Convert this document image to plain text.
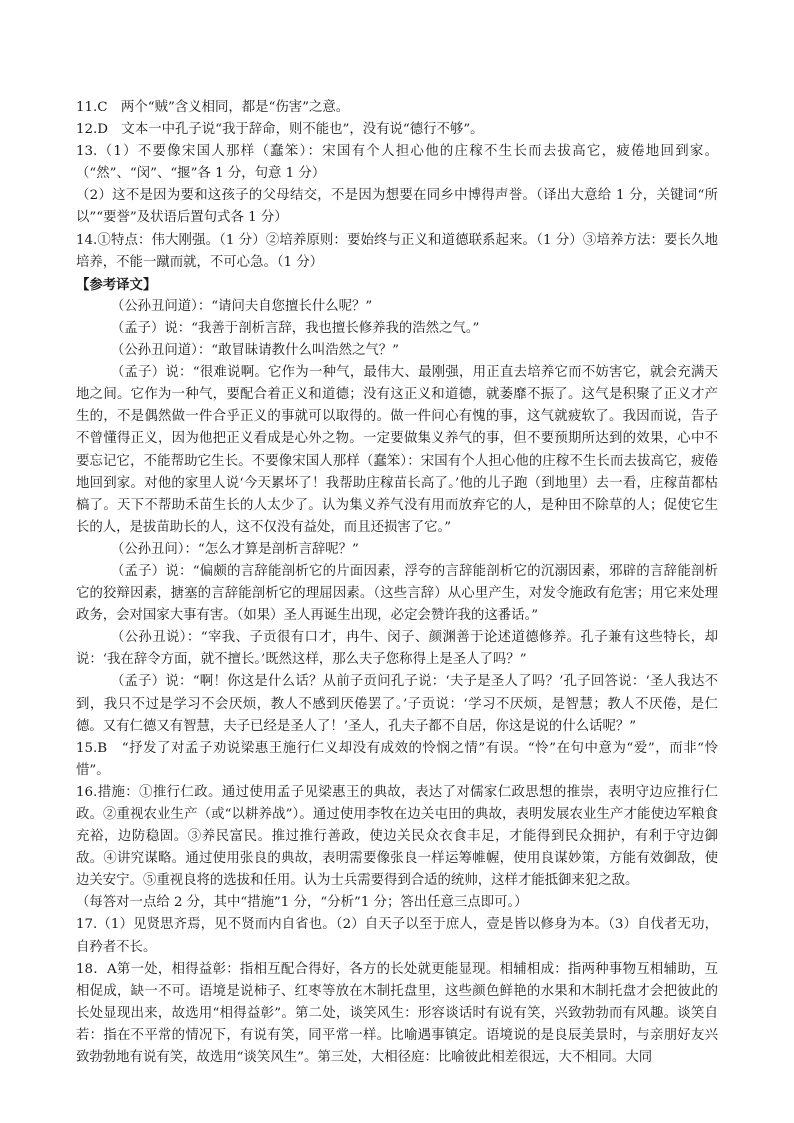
11.C　两个“贼”含义相同，都是“伤害”之意。

12.D　文本一中孔子说“我于辞命，则不能也”，没有说“德行不够”。

13.（1）不要像宋国人那样（蠢笨）：宋国有个人担心他的庄稼不生长而去拔高它，疲倦地回到家。（“然”、“闵”、“揠”各 1 分，句意 1 分）

（2）这不是因为要和这孩子的父母结交，不是因为想要在同乡中博得声誉。（译出大意给 1 分，关键词“所以”“要誉”及状语后置句式各 1 分）

14.①特点：伟大刚强。（1 分）②培养原则：要始终与正义和道德联系起来。（1 分）③培养方法：要长久地培养，不能一蹴而就，不可心急。（1 分）

【参考译文】

（公孙丑问道）：“请问夫自您擅长什么呢？”

（孟子）说：“我善于剖析言辞，我也擅长修养我的浩然之气。”

（公孙丑问道）：“敢冒昧请教什么叫浩然之气？”

（孟子）说：“很难说啊。它作为一种气，最伟大、最刚强，用正直去培养它而不妨害它，就会充满天地之间。它作为一种气，要配合着正义和道德；没有这正义和道德，就萎靡不振了。这气是积聚了正义才产生的，不是偶然做一件合乎正义的事就可以取得的。做一件问心有愧的事，这气就疲软了。我因而说，告子不曾懂得正义，因为他把正义看成是心外之物。一定要做集义养气的事，但不要预期所达到的效果，心中不要忘记它，不能帮助它生长。不要像宋国人那样（蠢笨）：宋国有个人担心他的庄稼不生长而去拔高它，疲倦地回到家。对他的家里人说‘今天累坏了！我帮助庄稼苗长高了。’他的儿子跑（到地里）去一看，庄稼苗都枯槁了。天下不帮助禾苗生长的人太少了。认为集义养气没有用而放弃它的人，是种田不除草的人；促使它生长的人，是拔苗助长的人，这不仅没有益处，而且还损害了它。”

（公孙丑问）：“怎么才算是剖析言辞呢？”

（孟子）说：“偏颇的言辞能剖析它的片面因素，浮夸的言辞能剖析它的沉溺因素，邪辟的言辞能剖析它的狡辩因素，搪塞的言辞能剖析它的理屈因素。（这些言辞）从心里产生，对发令施政有危害；用它来处理政务，会对国家大事有害。（如果）圣人再诞生出现，必定会赞许我的这番话。”

（公孙丑说）：“宰我、子贡很有口才，冉牛、闵子、颜渊善于论述道德修养。孔子兼有这些特长，却说：‘我在辞令方面，就不擅长。’既然这样，那么夫子您称得上是圣人了吗？”

（孟子）说：“啊！你这是什么话？从前子贡问孔子说：‘夫子是圣人了吗？’孔子回答说：‘圣人我达不到，我只不过是学习不会厌烦，教人不感到厌倦罢了。’子贡说：‘学习不厌烦，是智慧；教人不厌倦，是仁德。又有仁德又有智慧，夫子已经是圣人了！’圣人，孔夫子都不自居，你这是说的什么话呢？”

15.B　“抒发了对孟子劝说梁惠王施行仁义却没有成效的怜悯之情”有误。“怜”在句中意为“爱”，而非“怜惜”。

16.措施：①推行仁政。通过使用孟子见梁惠王的典故，表达了对儒家仁政思想的推崇，表明守边应推行仁政。②重视农业生产（或“以耕养战”）。通过使用李牧在边关屯田的典故，表明发展农业生产才能使边军粮食充裕，边防稳固。③养民富民。推过推行善政，使边关民众衣食丰足，才能得到民众拥护，有利于守边御敌。④讲究谋略。通过使用张良的典故，表明需要像张良一样运筹帷幄，使用良谋妙策，方能有效御敌，使边关安宁。⑤重视良将的选拔和任用。认为士兵需要得到合适的统帅，这样才能抵御来犯之敌。

（每答对一点给 2 分，其中“措施”1 分，“分析”1 分；答出任意三点即可。）

17.（1）见贤思齐焉，见不贤而内自省也。（2）自天子以至于庶人，壹是皆以修身为本。（3）自伐者无功，自矜者不长。

18．A第一处，相得益彰：指相互配合得好，各方的长处就更能显现。相辅相成：指两种事物互相辅助，互相促成，缺一不可。语境是说柿子、红枣等放在木制托盘里，这些颜色鲜艳的水果和木制托盘才会把彼此的长处显现出来，故选用“相得益彰”。第二处，谈笑风生：形容谈话时有说有笑，兴致勃勃而有风趣。谈笑自若：指在不平常的情况下，有说有笑，同平常一样。比喻遇事镇定。语境说的是良辰美景时，与亲朋好友兴致勃勃地有说有笑，故选用“谈笑风生”。第三处，大相径庭：比喻彼此相差很远，大不相同。大同
